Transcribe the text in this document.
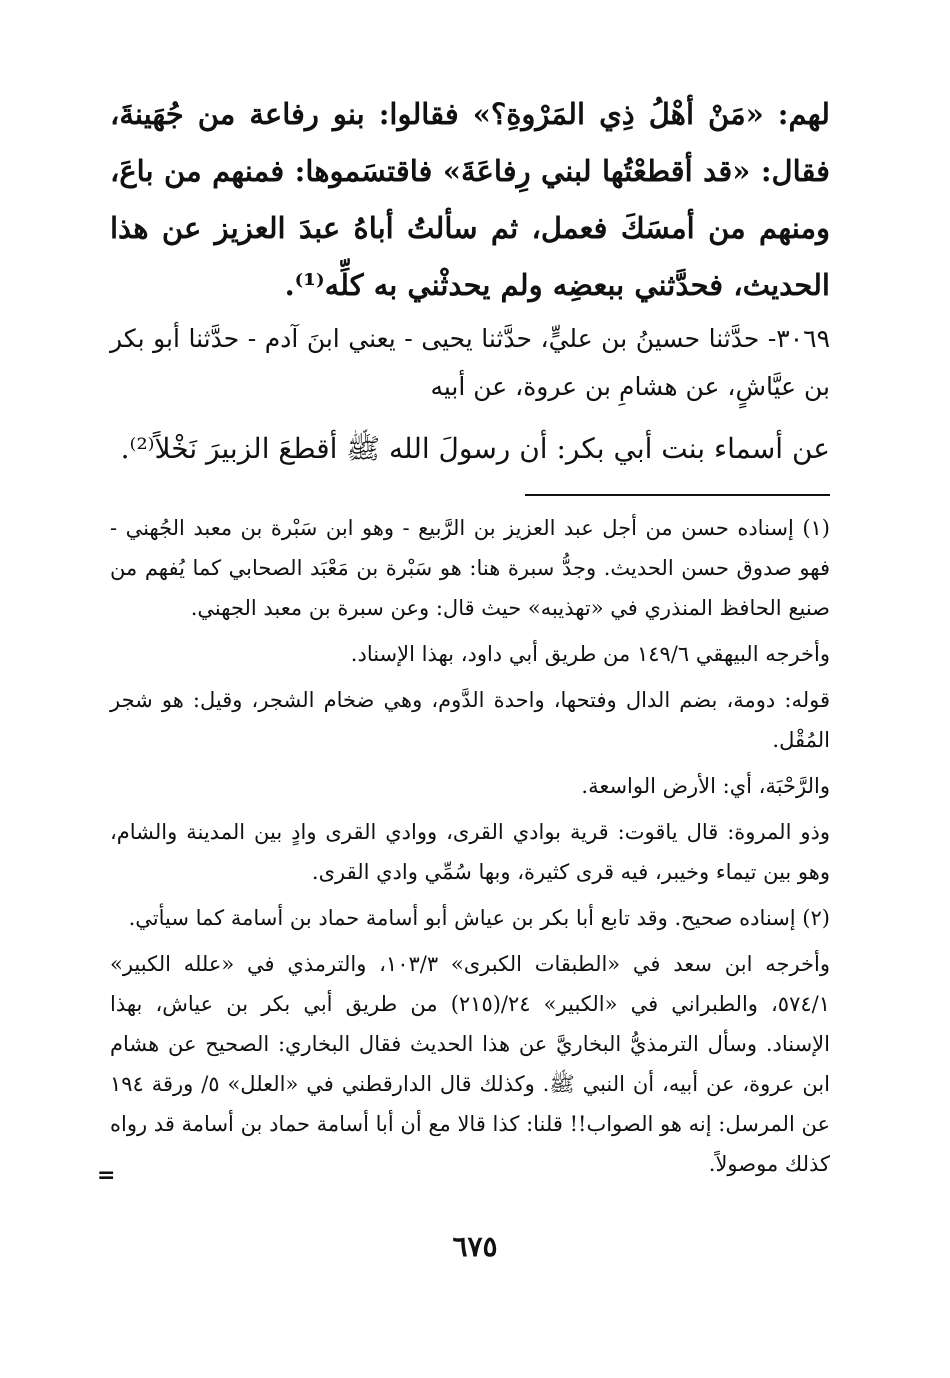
لهم: «مَنْ أهْلُ ذِي المَرْوةِ؟» فقالوا: بنو رفاعة من جُهَينةَ، فقال: «قد أقطعْتُها لبني رِفاعَةَ» فاقتسَموها: فمنهم من باعَ، ومنهم من أمسَكَ فعمل، ثم سألتُ أباهُ عبدَ العزيز عن هذا الحديث، فحدَّثني ببعضِه ولم يحدثْني به كلِّه⁽¹⁾.
٣٠٦٩- حدَّثنا حسينُ بن عليٍّ، حدَّثنا يحيى - يعني ابنَ آدم - حدَّثنا أبو بكر بن عيَّاشٍ، عن هشامِ بن عروة، عن أبيه
عن أسماء بنت أبي بكر: أن رسولَ الله ﷺ أقطعَ الزبيرَ نَخْلاً⁽²⁾.

(١) إسناده حسن من أجل عبد العزيز بن الرَّبيع - وهو ابن سَبْرة بن معبد الجُهني - فهو صدوق حسن الحديث. وجدُّ سبرة هنا: هو سَبْرة بن مَعْبَد الصحابي كما يُفهم من صنيع الحافظ المنذري في «تهذيبه» حيث قال: وعن سبرة بن معبد الجهني.

وأخرجه البيهقي ١٤٩/٦ من طريق أبي داود، بهذا الإسناد.

قوله: دومة، بضم الدال وفتحها، واحدة الدَّوم، وهي ضخام الشجر، وقيل: هو شجر المُقْل.

والرَّحْبَة، أي: الأرض الواسعة.

وذو المروة: قال ياقوت: قرية بوادي القرى، ووادي القرى وادٍ بين المدينة والشام، وهو بين تيماء وخيبر، فيه قرى كثيرة، وبها سُمِّي وادي القرى.

(٢) إسناده صحيح. وقد تابع أبا بكر بن عياش أبو أسامة حماد بن أسامة كما سيأتي.

وأخرجه ابن سعد في «الطبقات الكبرى» ١٠٣/٣، والترمذي في «علله الكبير» ٥٧٤/١، والطبراني في «الكبير» ٢٤/(٢١٥) من طريق أبي بكر بن عياش، بهذا الإسناد. وسأل الترمذيُّ البخاريَّ عن هذا الحديث فقال البخاري: الصحيح عن هشام ابن عروة، عن أبيه، أن النبي ﷺ. وكذلك قال الدارقطني في «العلل» ٥/ ورقة ١٩٤ عن المرسل: إنه هو الصواب!! قلنا: كذا قالا مع أن أبا أسامة حماد بن أسامة قد رواه كذلك موصولاً.

=
٦٧٥
